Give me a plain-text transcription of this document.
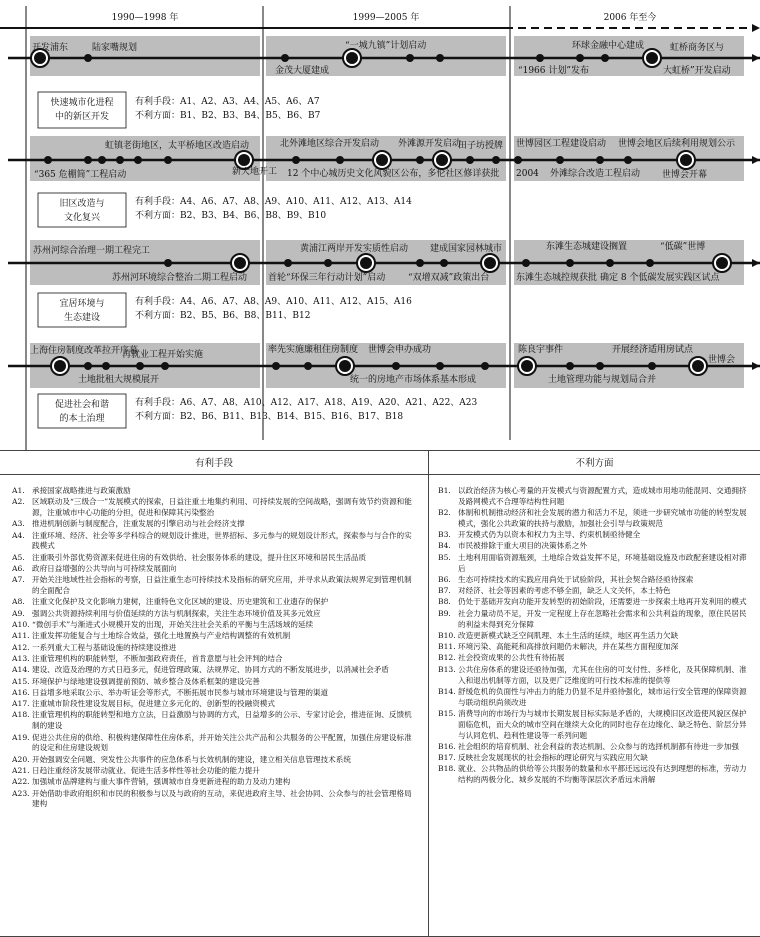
1990—1998 年	1999—2005 年	2006 年至今
开发浦东	陆家嘴规划
金茂大厦建成
“一城九镇”计划启动	环球金融中心建成	虹桥商务区与
“1966 计划”发布	大虹桥”开发启动
快速城市化进程
中的新区开发
有利手段：A1、A2、A3、A4、A5、A6、A7
不利方面：B1、B2、B3、B4、B5、B6、B7
虹镇老街地区，太平桥地区改造启动
“365 危棚简”工程启动	新天地开工
北外滩地区综合开发启动 外滩源开发启动
田子坊授牌
12 个中心城历史文化风貌区公布，多伦社区修详获批
世博园区工程建设启动 世博会地区后续利用规划公示
2004 外滩综合改造工程启动 世博会开幕
旧区改造与
文化复兴
有利手段：A4、A6、A7、A8、A9、A10、A11、A12、A13、A14
不利方面：B2、B3、B4、B6、B8、B9、B10
苏州河综合治理一期工程完工
苏州河环境综合整治二期工程启动
黄浦江两岸开发实质性启动 建成国家园林城市
首轮“环保三年行动计划”启动	“双增双减”政策出台
东滩生态城建设搁置	“低碳”世博
东滩生态城控规获批 确定 8 个低碳发展实践区试点
宜居环境与
生态建设
有利手段：A4、A6、A7、A8、A9、A10、A11、A12、A15、A16
不利方面：B2、B5、B6、B8、B11、B12
上海住房制度改革拉开序幕
再就业工程开始实施
土地批租大规模展开
率先实施廉租住房制度 世博会申办成功
统一的房地产市场体系基本形成
陈良宇事件	开展经济适用房试点
世博会
土地管理功能与规划局合并
促进社会和谐
的本土治理
有利手段：A6、A7、A8、A10、A12、A17、A18、A19、A20、A21、A22、A23
不利方面：B2、B6、B11、B13、B14、B15、B16、B17、B18
有利手段	不利方面
A1. 承接国家战略推进与政策激励
A2. 区域联动及“三级合一”发展模式的探索，日益注重土地集约利用、可持续发展的空间战略，强调有效节约资源和能源，注重城市中心功能的分担，促进和保障其污染整治
A3. 推进机制创新与制度配合，注重发展的引擎启动与社会经济支撑
A4. 注重环境、经济、社会等多学科综合的规划设计推进，世界招标、多元参与的规划设计形式，探索参与与合作的实践模式
A5. 注重吸引外部优势资源来促进住房的有效供给、社会服务体系的建设，提升住区环境和居民生活品质
A6. 政府日益增强的公共导向与可持续发展面向
A7. 开始关注地域性社会指标的考察，日益注重生态可持续技术及指标的研究应用，并寻求从政策法规界定到管理机制的全面配合
A8. 注重文化保护及文化影响力建树，注重特色文化区域的建设、历史建筑和工业遗存的保护
A9. 强调公共资源持续利用与价值延续的方法与机制探索，关注生态环境价值及其多元效应
A10. “微创手术”与渐进式小规模开发的出现，开始关注社会关系的平衡与生活场域的延续
A11. 注重发挥功能复合与土地综合效益，强化土地置换与产业结构调整的有效机制
A12. 一系列重大工程与基础设施的持续建设推进
A13. 注重管理机构的职能转型，不断加强政府责任，首肯意愿与社会评判的结合
A14. 建设、改造及治理的方式日趋多元，促进管理政策、法规界定、协同方式的不断发展进步，以消减社会矛盾
A15. 环境保护与绿地建设强调提前预防、城乡整合及体系框架的建设完善
A16. 日益增多地采取公示、举办听证会等形式，不断拓展市民参与城市环境建设与管理的渠道
A17. 注重城市阶段性建设发展目标，促进建立多元化的、创新型的投融资模式
A18. 注重管理机构的职能转型和地方立法，日益激励与协调的方式，日益增多的公示、专家讨论会，推进征询、反馈机制的建设
A19. 促进公共住房的供给、积极构建保障性住房体系，并开始关注公共产品和公共服务的公平配置，加强住房建设标准的设定和住房建设规划
A20. 开始强调安全问题、突发性公共事件的应急体系与长效机制的建设，建立相关信息管理技术系统
A21. 日趋注重经济发展带动就业、促进生活多样性等社会功能的能力提升
A22. 加强城市品牌建构与重大事件营销，强调城市自身更新进程的助力及动力建构
A23. 开始借助非政府组织和市民的积极参与以及与政府的互动，来促进政府主导、社会协同、公众参与的社会管理格局建构
B1. 以政治经济为核心考量的开发模式与资源配置方式，造成城市用地功能混同、交通拥挤及路网模式不合理等结构性问题
B2. 体制和机制推动经济和社会发展的潜力和活力不足，须进一步研究城市功能的转型发展模式，强化公共政策的扶持与激励，加强社会引导与政策规范
B3. 开发模式仍为以资本和权力为主导、约束机制亟待健全
B4. 市民被排除于重大项目的决策体系之外
B5. 土地利用面临资源瓶颈，土地综合效益发挥不足，环境基础设施及市政配套建设相对滞后
B6. 生态可持续技术的实践应用尚处于试验阶段，其社会契合路径亟待探索
B7. 对经济、社会等因素的考虑不够全面，缺乏人文关怀，本土特色
B8. 仍处于基础开发向功能开发转型的初始阶段，还需要进一步探索土地再开发利用的模式
B9. 社会力量动员不足，开发一定程度上存在忽略社会需求和公共利益的现象，原住民居民的利益未得到充分保障
B10. 改造更新模式缺乏空间肌理、本土生活的延续，地区再生活力欠缺
B11. 环境污染、高能耗和高排放问题仍未解决，并在某些方面程度加深
B12. 社会投资成果的公共性有待拓展
B13. 公共住房体系的建设还亟待加强，尤其在住房的可支付性、多样化，及其保障机制、准入和退出机制等方面，以及更广泛维度的可行技术标准的提供等
B14. 舒缓危机的负面性与冲击力的能力仍显不足并亟待强化，城市运行安全管理的保障资源与联动组织尚须改进
B15. 消费导向的市场行为与城市长期发展目标实际是矛盾的，大规模旧区改造使风貌区保护面临危机，而大众的城市空间在继续大众化的同时也存在边缘化、缺乏特色、阶层分异与认同危机、趋利性建设等一系列问题
B16. 社会组织的培育机制、社会利益的表达机制、公众参与的选择机制都有待进一步加强
B17. 反映社会发展现状的社会指标的理论研究与实践应用欠缺
B18. 就业、公共物品的供给等公共服务的数量和水平都还远远没有达到理想的标准，劳动力结构的两极分化、城乡发展的不均衡等深层次矛盾远未消解
